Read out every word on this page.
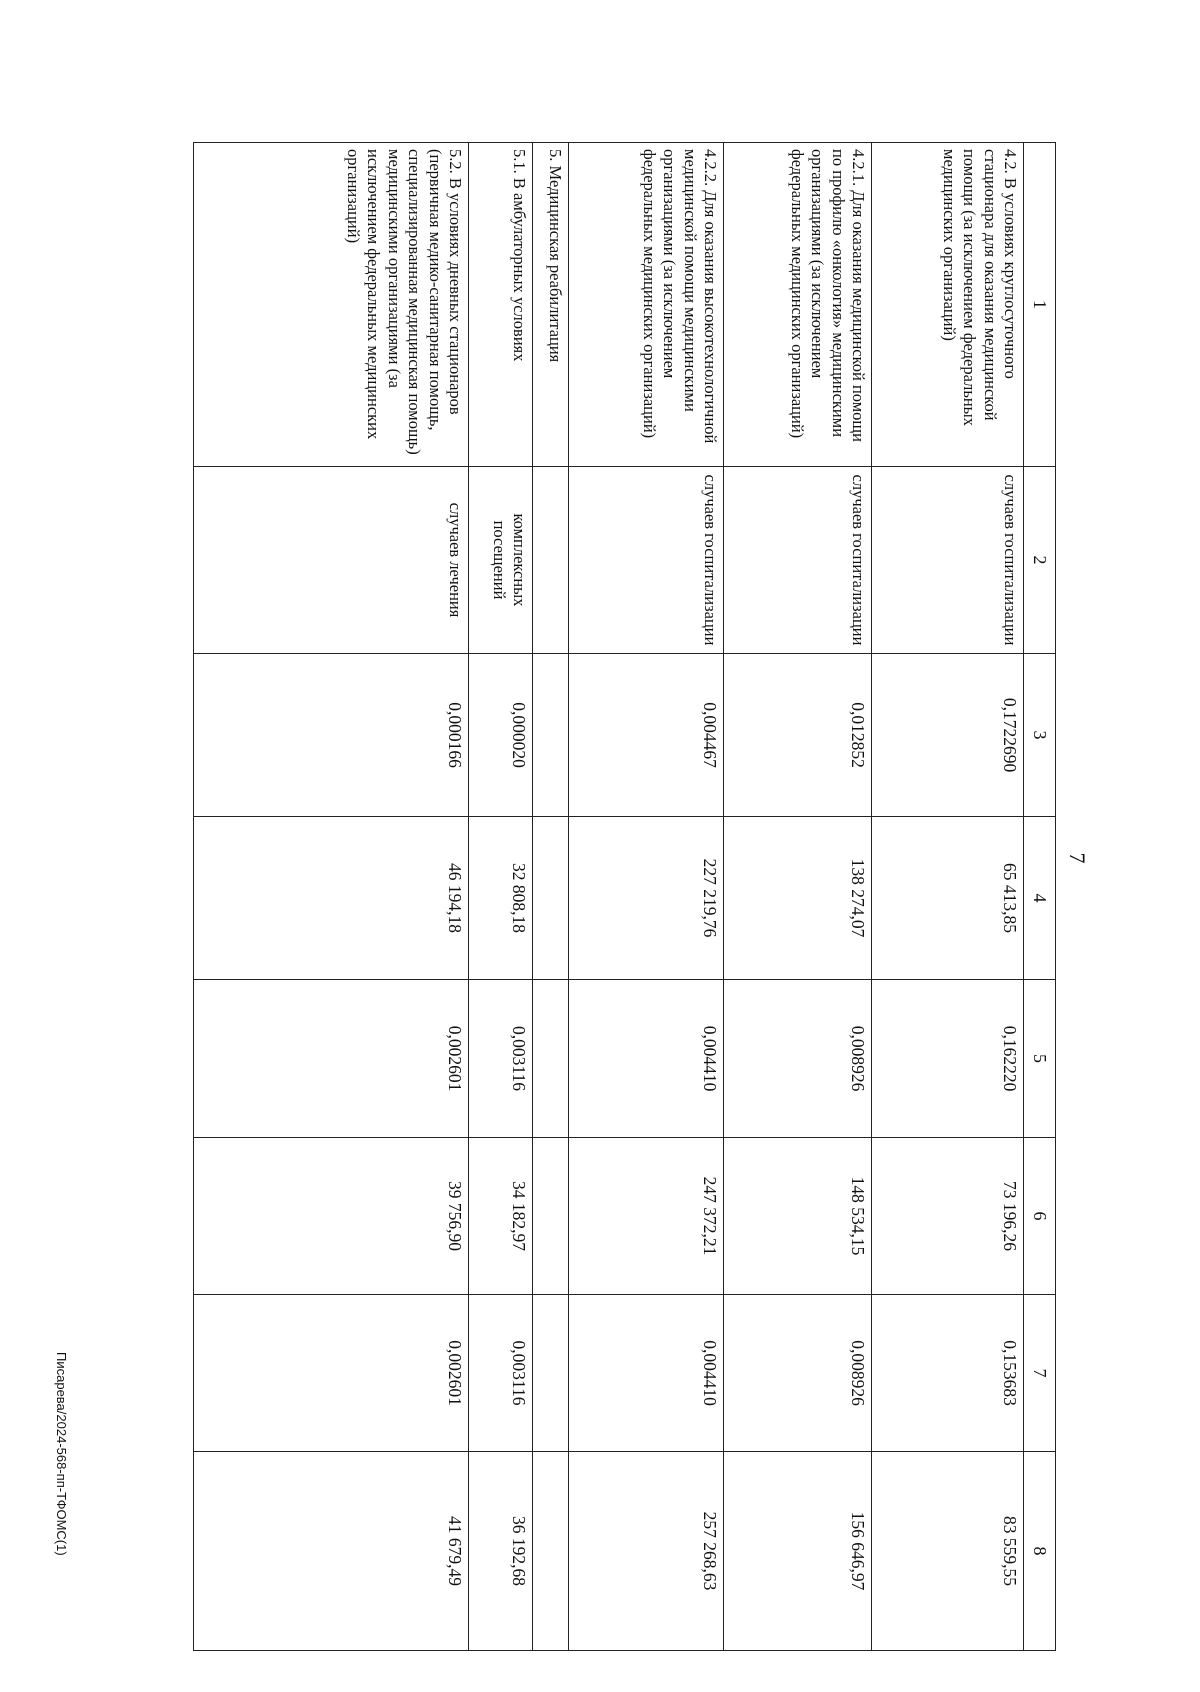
7
Писарева/2024-568-пп-ТФОМС(1)
1	2	3	4	5	6	7	8
4.2. В условиях круглосуточного стационара для оказания медицинской помощи (за исключением федеральных медицинских организаций)	случаев госпитализации	0,1722690	65 413,85	0,162220	73 196,26	0,153683	83 559,55
4.2.1. Для оказания медицинской помощи по профилю «онкология» медицинскими организациями (за исключением федеральных медицинских организаций)	случаев госпитализации	0,012852	138 274,07	0,008926	148 534,15	0,008926	156 646,97
4.2.2. Для оказания высокотехнологичной медицинской помощи медицинскими организациями (за исключением федеральных медицинских организаций)	случаев госпитализации	0,004467	227 219,76	0,004410	247 372,21	0,004410	257 268,63
5. Медицинская реабилитация							
5.1. В амбулаторных условиях	комплексных посещений	0,000020	32 808,18	0,003116	34 182,97	0,003116	36 192,68
5.2. В условиях дневных стационаров (первичная медико-санитарная помощь, специализированная медицинская помощь) медицинскими организациями (за исключением федеральных медицинских организаций)	случаев лечения	0,000166	46 194,18	0,002601	39 756,90	0,002601	41 679,49
